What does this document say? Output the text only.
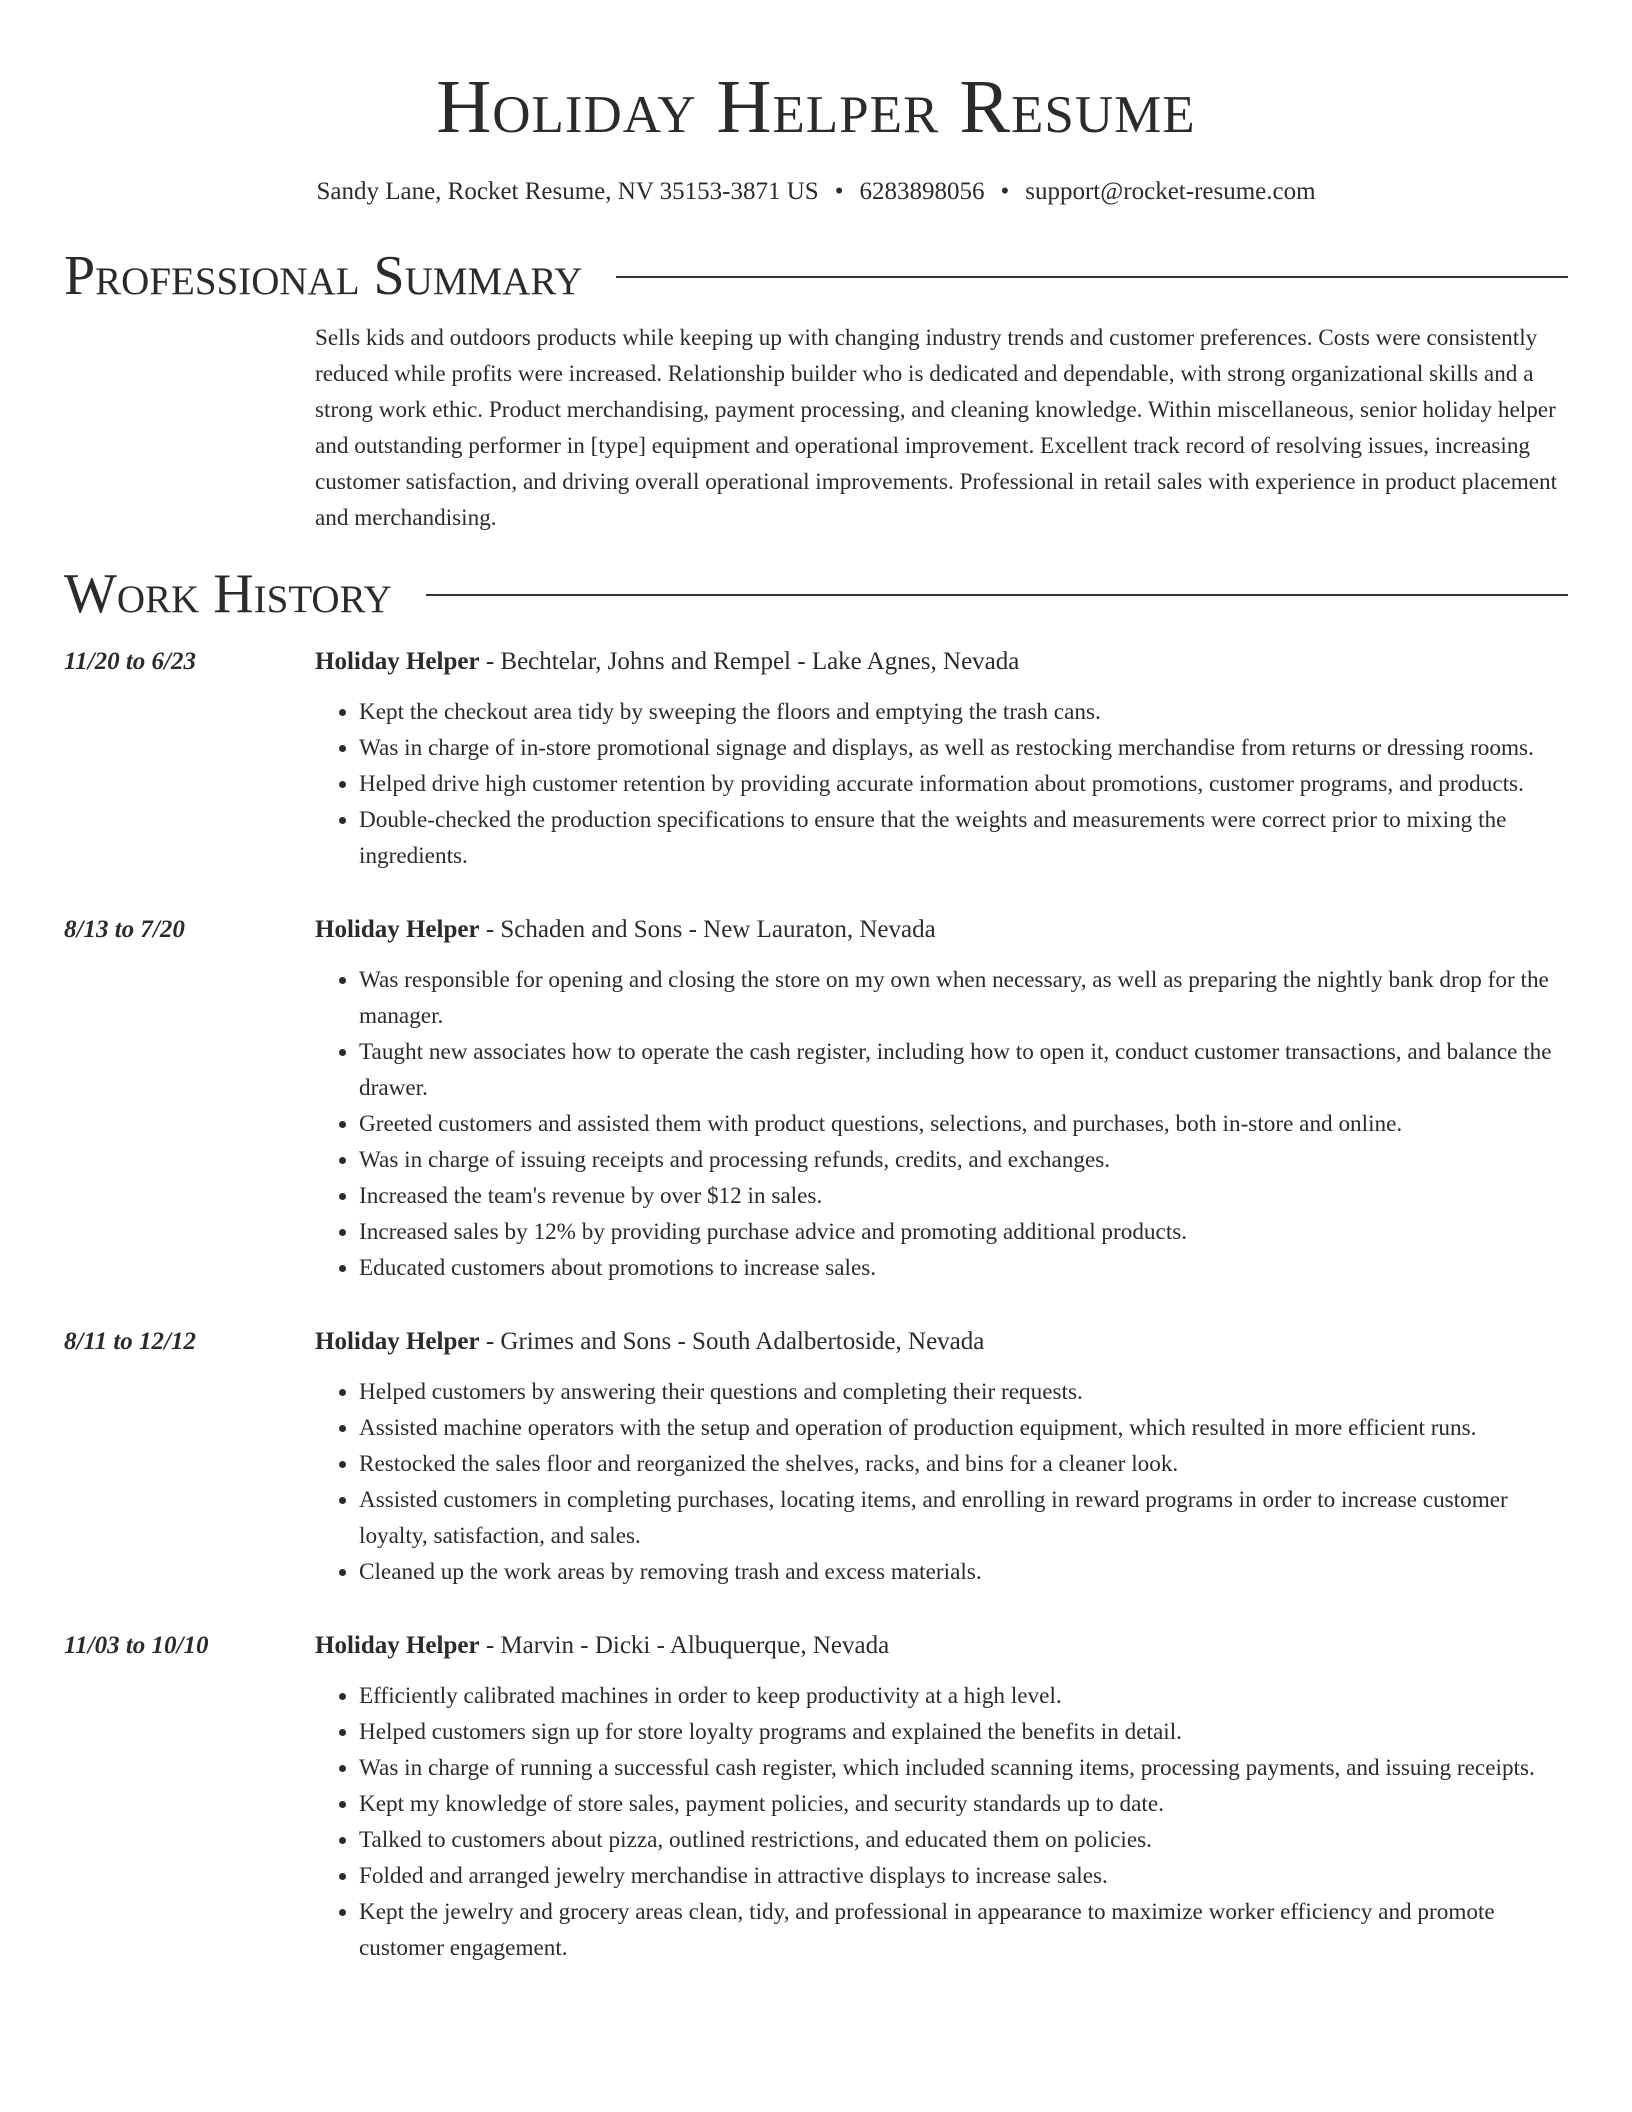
Holiday Helper Resume
Sandy Lane, Rocket Resume, NV 35153-3871 US • 6283898056 • support@rocket-resume.com
Professional Summary
Sells kids and outdoors products while keeping up with changing industry trends and customer preferences. Costs were consistently reduced while profits were increased. Relationship builder who is dedicated and dependable, with strong organizational skills and a strong work ethic. Product merchandising, payment processing, and cleaning knowledge. Within miscellaneous, senior holiday helper and outstanding performer in [type] equipment and operational improvement. Excellent track record of resolving issues, increasing customer satisfaction, and driving overall operational improvements. Professional in retail sales with experience in product placement and merchandising.
Work History
11/20 to 6/23	Holiday Helper - Bechtelar, Johns and Rempel - Lake Agnes, Nevada
• Kept the checkout area tidy by sweeping the floors and emptying the trash cans.
• Was in charge of in-store promotional signage and displays, as well as restocking merchandise from returns or dressing rooms.
• Helped drive high customer retention by providing accurate information about promotions, customer programs, and products.
• Double-checked the production specifications to ensure that the weights and measurements were correct prior to mixing the ingredients.
8/13 to 7/20	Holiday Helper - Schaden and Sons - New Lauraton, Nevada
• Was responsible for opening and closing the store on my own when necessary, as well as preparing the nightly bank drop for the manager.
• Taught new associates how to operate the cash register, including how to open it, conduct customer transactions, and balance the drawer.
• Greeted customers and assisted them with product questions, selections, and purchases, both in-store and online.
• Was in charge of issuing receipts and processing refunds, credits, and exchanges.
• Increased the team's revenue by over $12 in sales.
• Increased sales by 12% by providing purchase advice and promoting additional products.
• Educated customers about promotions to increase sales.
8/11 to 12/12	Holiday Helper - Grimes and Sons - South Adalbertoside, Nevada
• Helped customers by answering their questions and completing their requests.
• Assisted machine operators with the setup and operation of production equipment, which resulted in more efficient runs.
• Restocked the sales floor and reorganized the shelves, racks, and bins for a cleaner look.
• Assisted customers in completing purchases, locating items, and enrolling in reward programs in order to increase customer loyalty, satisfaction, and sales.
• Cleaned up the work areas by removing trash and excess materials.
11/03 to 10/10	Holiday Helper - Marvin - Dicki - Albuquerque, Nevada
• Efficiently calibrated machines in order to keep productivity at a high level.
• Helped customers sign up for store loyalty programs and explained the benefits in detail.
• Was in charge of running a successful cash register, which included scanning items, processing payments, and issuing receipts.
• Kept my knowledge of store sales, payment policies, and security standards up to date.
• Talked to customers about pizza, outlined restrictions, and educated them on policies.
• Folded and arranged jewelry merchandise in attractive displays to increase sales.
• Kept the jewelry and grocery areas clean, tidy, and professional in appearance to maximize worker efficiency and promote customer engagement.
